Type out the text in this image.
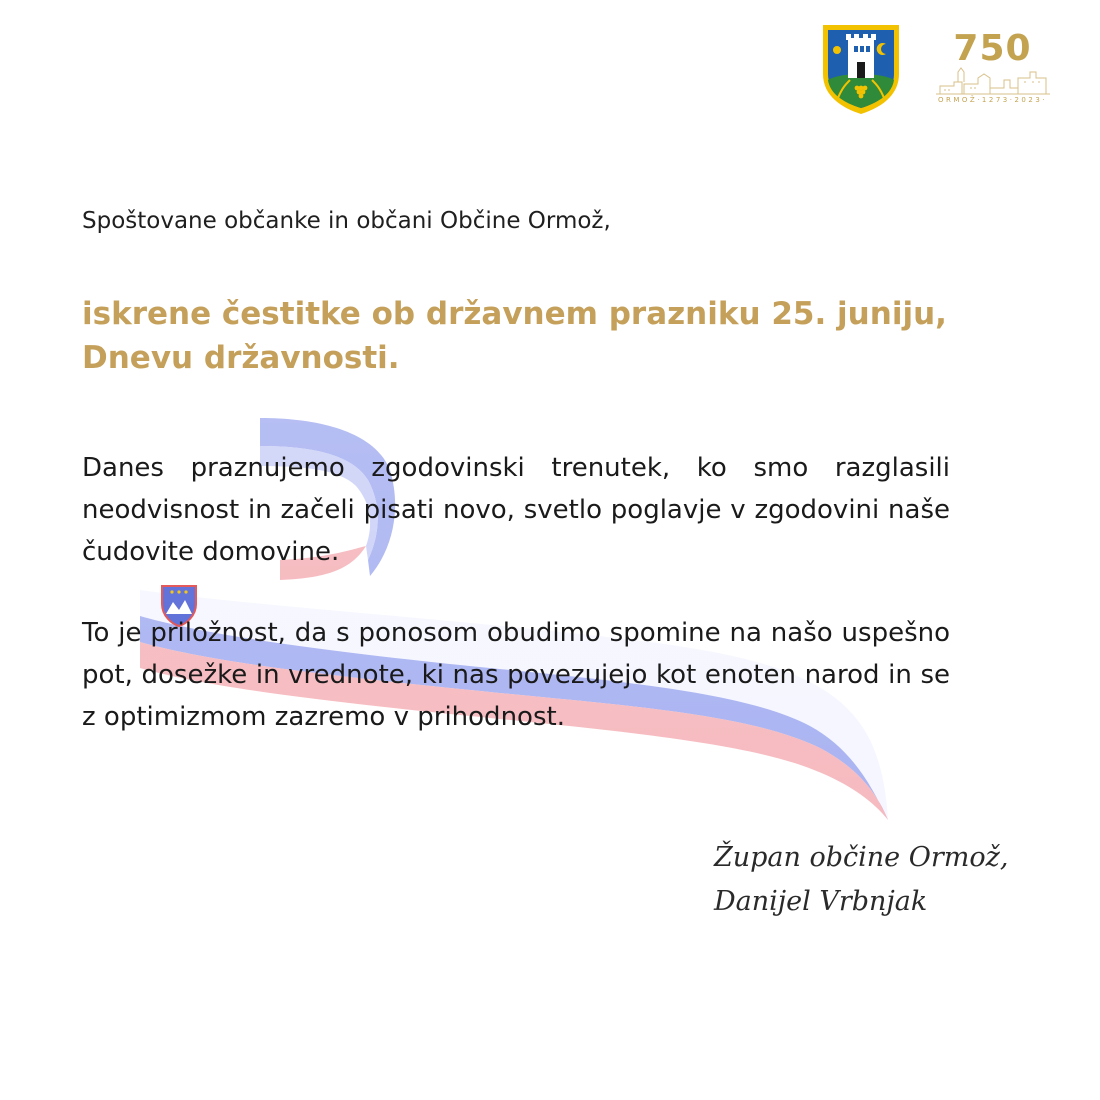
750
ORMOŽ·1273·2023·
Spoštovane občanke in občani Občine Ormož,
iskrene čestitke ob državnem prazniku 25. juniju,
Dnevu državnosti.
Danes praznujemo zgodovinski trenutek, ko smo razglasili neodvisnost in začeli pisati novo, svetlo poglavje v zgodovini naše čudovite domovine.
To je priložnost, da s ponosom obudimo spomine na našo uspešno pot, dosežke in vrednote, ki nas povezujejo kot enoten narod in se z optimizmom zazremo v prihodnost.
Župan občine Ormož,
Danijel Vrbnjak
